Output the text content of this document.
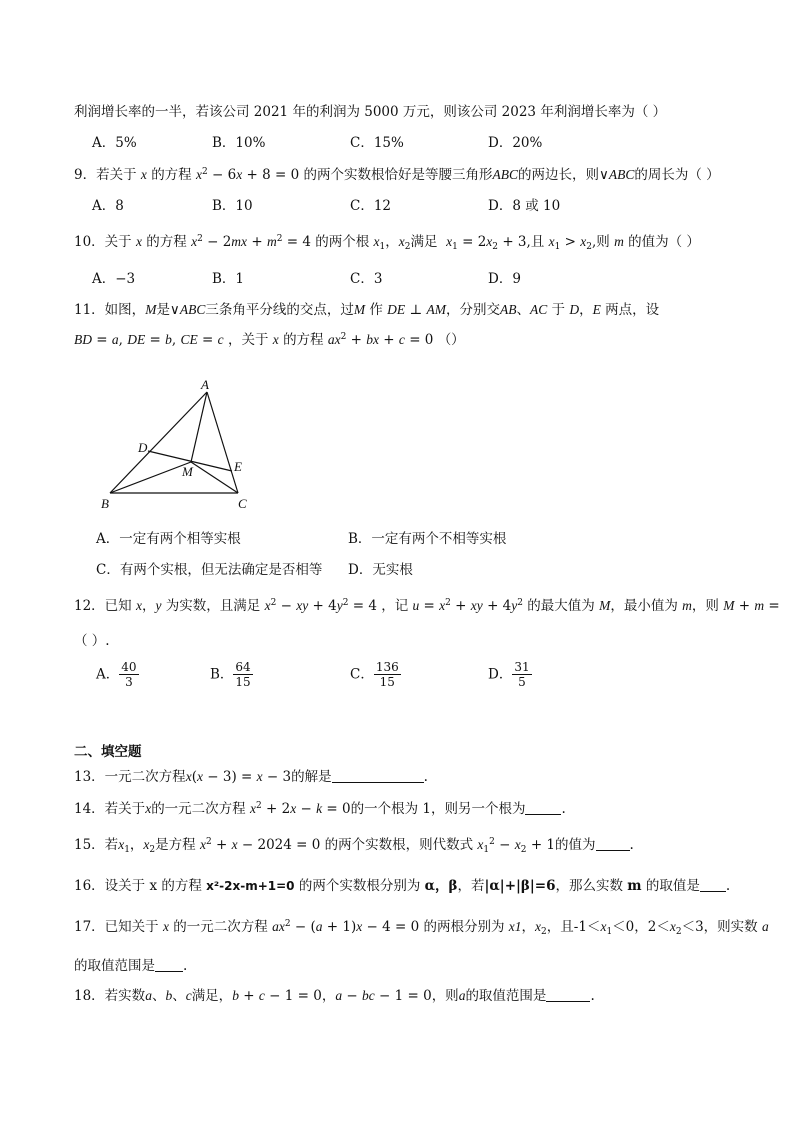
利润增长率的一半，若该公司 2021 年的利润为 5000 万元，则该公司 2023 年利润增长率为（ ）
A．5%	B．10%	C．15%	D．20%
9．若关于 x 的方程 $x^2 - 6x + 8 = 0$ 的两个实数根恰好是等腰三角形ABC的两边长，则∨ABC的周长为（ ）
A．8	B．10	C．12	D．8 或 10
10．关于 x 的方程 $x^2 - 2mx + m^2 = 4$ 的两个根 $x_1$，$x_2$满足 $x_1 = 2x_2 + 3$,且 $x_1 > x_2$,则 m 的值为（ ）
A．−3	B．1	C．3	D．9
11．如图，M是∨ABC三条角平分线的交点，过M 作 DE ⊥ AM，分别交AB、AC 于 D，E 两点，设
BD = a, DE = b, CE = c ，关于 x 的方程 $ax^2$ + bx + c = 0 （）
A
D
E
M
B	C
A．一定有两个相等实根	B．一定有两个不相等实根
C．有两个实根，但无法确定是否相等 D．无实根
12．已知 x，y 为实数，且满足 $x^2$ − xy + $4y^2 = 4$ ，记 $u = x^2$ + xy + $4y^2$ 的最大值为 M，最小值为 m，则 M + m =
（ ）.
A． $\frac{40}{3}$	B． $\frac{64}{15}$	C． $\frac{136}{15}$	D． $\frac{31}{5}$
二、填空题
13．一元二次方程x(x − 3) = x − 3的解是	.
14．若关于x的一元二次方程 $x^2 + 2x - k = 0$的一个根为 1，则另一个根为	.
15．若$x_1$，$x_2$是方程 $x^2 + x - 2024 = 0$ 的两个实数根，则代数式 $x_1^2 - x_2 + 1$的值为	.
16．设关于 x 的方程 x²-2x-m+1=0 的两个实数根分别为 α，β，若|α|+|β|=6，那么实数 m 的取值是 .
17．已知关于 x 的一元二次方程 $ax^2 - (a + 1)x - 4 = 0$ 的两根分别为 x1，$x_2$，且$-1<x_1<0$，$2<x_2<3$，则实数 a
的取值范围是 .
18．若实数a、b、c满足，b + c − 1 = 0，a − bc − 1 = 0，则a的取值范围是	.
